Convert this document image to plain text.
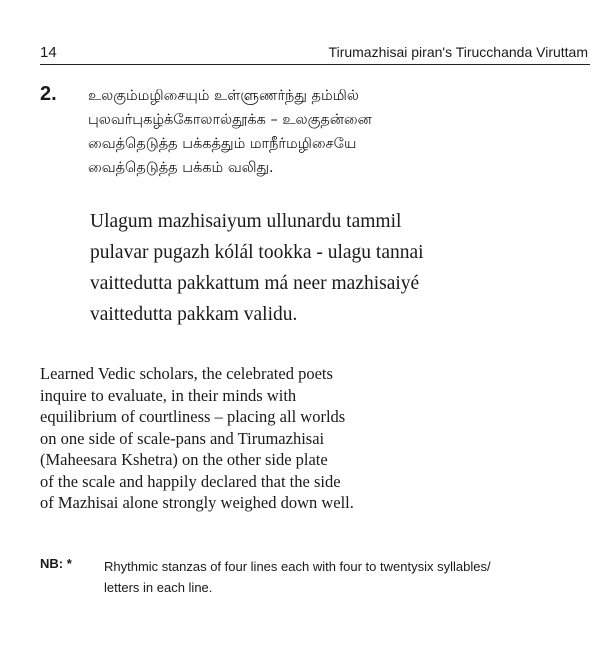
14	Tirumazhisai piran's Tirucchanda Viruttam
2. உலகும்மழிசையும் உள்ளுணர்ந்து தம்மில்
புலவர்புகழ்க்கோலால்தூக்க – உலகுதன்னை
வைத்தெடுத்த பக்கத்தும் மாநீர்மழிசையே
வைத்தெடுத்த பக்கம் வலிது.
Ulagum mazhisaiyum ullunardu tammil
pulavar pugazh kólál tookka - ulagu tannai
vaitteduttа pakkattum má neer mazhisaiyé
vaitteduttа pakkam validu.
Learned Vedic scholars, the celebrated poets
inquire to evaluate, in their minds with
equilibrium of courtliness – placing all worlds
on one side of scale-pans and Tirumazhisai
(Maheesara Kshetra) on the other side plate
of the scale and happily declared that the side
of Mazhisai alone strongly weighed down well.
NB: * Rhythmic stanzas of four lines each with four to twentysix syllables/
letters in each line.
